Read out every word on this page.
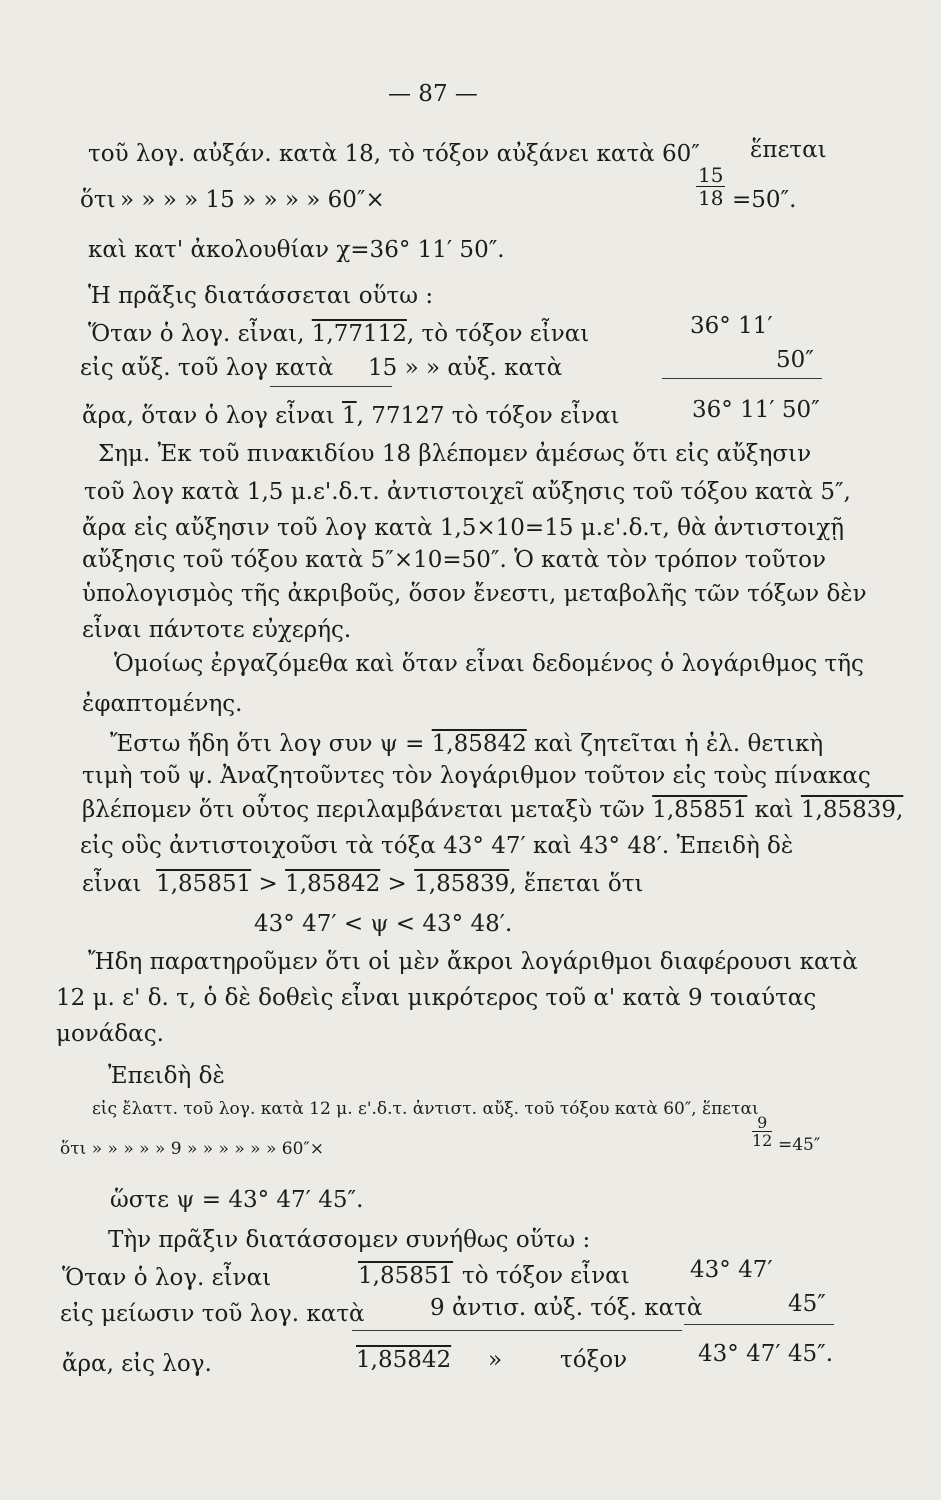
— 87 —
τοῦ λογ. αὐξάν. κατὰ 18, τὸ τόξον αὐξάνει κατὰ 60″ ἕπεται
ὅτι » » » » 15 » » » » 60″×	$\frac{15}{18} =50''$.
καὶ κατ' ἀκολουθίαν χ=36° 11′ 50″.
Ἡ πρᾶξις διατάσσεται οὕτω :
Ὅταν ὁ λογ. εἶναι, 1,77112, τὸ τόξον εἶναι	36° 11′
εἰς αὔξ. τοῦ λογ κατὰ 15 » » αὐξ. κατὰ	50″
ἄρα, ὅταν ὁ λογ εἶναι 1, 77127 τὸ τόξον εἶναι	36° 11′ 50″
Σημ. Ἐκ τοῦ πινακιδίου 18 βλέπομεν ἀμέσως ὅτι εἰς αὔξησιν
τοῦ λογ κατὰ 1,5 μ.ε'.δ.τ. ἀντιστοιχεῖ αὔξησις τοῦ τόξου κατὰ 5″,
ἄρα εἰς αὔξησιν τοῦ λογ κατὰ 1,5×10=15 μ.ε'.δ.τ, θὰ ἀντιστοιχῇ
αὔξησις τοῦ τόξου κατὰ 5″×10=50″. Ὁ κατὰ τὸν τρόπον τοῦτον
ὑπολογισμὸς τῆς ἀκριβοῦς, ὅσον ἔνεστι, μεταβολῆς τῶν τόξων δὲν
εἶναι πάντοτε εὐχερής.
Ὁμοίως ἐργαζόμεθα καὶ ὅταν εἶναι δεδομένος ὁ λογάριθμος τῆς
ἐφαπτομένης.
Ἔστω ἤδη ὅτι λογ συν ψ = 1,85842 καὶ ζητεῖται ἡ ἐλ. θετικὴ
τιμὴ τοῦ ψ. Ἀναζητοῦντες τὸν λογάριθμον τοῦτον εἰς τοὺς πίνακας
βλέπομεν ὅτι οὗτος περιλαμβάνεται μεταξὺ τῶν 1,85851 καὶ 1,85839,
εἰς οὓς ἀντιστοιχοῦσι τὰ τόξα 43° 47′ καὶ 43° 48′. Ἐπειδὴ δὲ
εἶναι 1,85851 > 1,85842 > 1,85839, ἕπεται ὅτι
43° 47′ < ψ < 43° 48′.
Ἤδη παρατηροῦμεν ὅτι οἱ μὲν ἄκροι λογάριθμοι διαφέρουσι κατὰ
12 μ. ε' δ. τ, ὁ δὲ δοθεὶς εἶναι μικρότερος τοῦ α' κατὰ 9 τοιαύτας
μονάδας.
Ἐπειδὴ δὲ
εἰς ἔλαττ. τοῦ λογ. κατὰ 12 μ. ε'.δ.τ. ἀντιστ. αὔξ. τοῦ τόξου κατὰ 60″, ἕπεται
ὅτι » » » » » 9 » » » » » » 60″×	$\frac{9}{12} =45''$
ὥστε ψ = 43° 47′ 45″.
Τὴν πρᾶξιν διατάσσομεν συνήθως οὕτω :
Ὅταν ὁ λογ. εἶναι	1,85851 τὸ τόξον εἶναι	43° 47′
εἰς μείωσιν τοῦ λογ. κατὰ	9 ἀντισ. αὐξ. τόξ. κατὰ	45″
ἄρα, εἰς λογ.	1,85842 »	τόξον	43° 47′ 45″.
